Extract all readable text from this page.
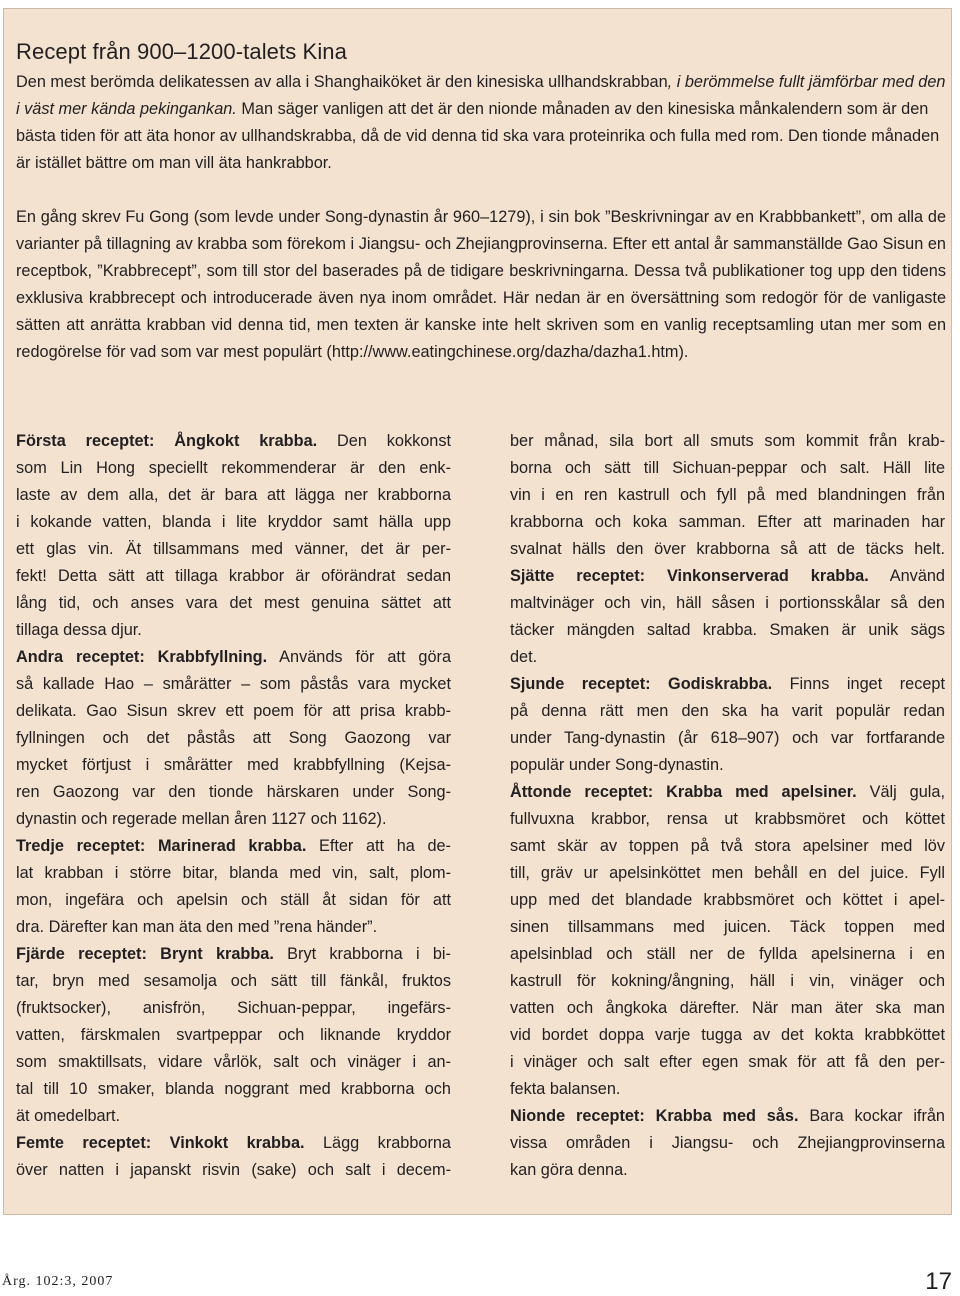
Recept från 900–1200-talets Kina

Den mest berömda delikatessen av alla i Shanghaiköket är den kinesiska ullhandskrabban, i berömmelse fullt jämförbar med den i väst mer kända pekingankan. Man säger vanligen att det är den nionde månaden av den kinesiska månkalendern som är den bästa tiden för att äta honor av ullhandskrabba, då de vid denna tid ska vara proteinrika och fulla med rom. Den tionde månaden är istället bättre om man vill äta hankrabbor.

En gång skrev Fu Gong (som levde under Song-dynastin år 960–1279), i sin bok ”Beskrivningar av en Krabbbankett”, om alla de varianter på tillagning av krabba som förekom i Jiangsu- och Zhejiangprovinserna. Efter ett antal år sammanställde Gao Sisun en receptbok, ”Krabbrecept”, som till stor del baserades på de tidigare beskrivningarna. Dessa två publikationer tog upp den tidens exklusiva krabbrecept och introducerade även nya inom området. Här nedan är en översättning som redogör för de vanligaste sätten att anrätta krabban vid denna tid, men texten är kanske inte helt skriven som en vanlig receptsamling utan mer som en redogörelse för vad som var mest populärt (http://www.eatingchinese.org/dazha/dazha1.htm).

Första receptet: Ångkokt krabba. Den kokkonst
som Lin Hong speciellt rekommenderar är den enk-
laste av dem alla, det är bara att lägga ner krabborna
i kokande vatten, blanda i lite kryddor samt hälla upp
ett glas vin. Ät tillsammans med vänner, det är per-
fekt! Detta sätt att tillaga krabbor är oförändrat sedan
lång tid, och anses vara det mest genuina sättet att
tillaga dessa djur.
Andra receptet: Krabbfyllning. Används för att göra
så kallade Hao – smårätter – som påstås vara mycket
delikata. Gao Sisun skrev ett poem för att prisa krabb-
fyllningen och det påstås att Song Gaozong var
mycket förtjust i smårätter med krabbfyllning (Kejsa-
ren Gaozong var den tionde härskaren under Song-
dynastin och regerade mellan åren 1127 och 1162).
Tredje receptet: Marinerad krabba. Efter att ha de-
lat krabban i större bitar, blanda med vin, salt, plom-
mon, ingefära och apelsin och ställ åt sidan för att
dra. Därefter kan man äta den med ”rena händer”.
Fjärde receptet: Brynt krabba. Bryt krabborna i bi-
tar, bryn med sesamolja och sätt till fänkål, fruktos
(fruktsocker), anisfrön, Sichuan-peppar, ingefärs-
vatten, färskmalen svartpeppar och liknande kryddor
som smaktillsats, vidare vårlök, salt och vinäger i an-
tal till 10 smaker, blanda noggrant med krabborna och
ät omedelbart.
Femte receptet: Vinkokt krabba. Lägg krabborna
över natten i japanskt risvin (sake) och salt i decem-
ber månad, sila bort all smuts som kommit från krab-
borna och sätt till Sichuan-peppar och salt. Häll lite
vin i en ren kastrull och fyll på med blandningen från
krabborna och koka samman. Efter att marinaden har
svalnat hälls den över krabborna så att de täcks helt.
Sjätte receptet: Vinkonserverad krabba. Använd
maltvinäger och vin, häll såsen i portionsskålar så den
täcker mängden saltad krabba. Smaken är unik sägs
det.
Sjunde receptet: Godiskrabba. Finns inget recept
på denna rätt men den ska ha varit populär redan
under Tang-dynastin (år 618–907) och var fortfarande
populär under Song-dynastin.
Åttonde receptet: Krabba med apelsiner. Välj gula,
fullvuxna krabbor, rensa ut krabbsmöret och köttet
samt skär av toppen på två stora apelsiner med löv
till, gräv ur apelsinköttet men behåll en del juice. Fyll
upp med det blandade krabbsmöret och köttet i apel-
sinen tillsammans med juicen. Täck toppen med
apelsinblad och ställ ner de fyllda apelsinerna i en
kastrull för kokning/ångning, häll i vin, vinäger och
vatten och ångkoka därefter. När man äter ska man
vid bordet doppa varje tugga av det kokta krabbköttet
i vinäger och salt efter egen smak för att få den per-
fekta balansen.
Nionde receptet: Krabba med sås. Bara kockar ifrån
vissa områden i Jiangsu- och Zhejiangprovinserna
kan göra denna.
Årg. 102:3, 2007	17
